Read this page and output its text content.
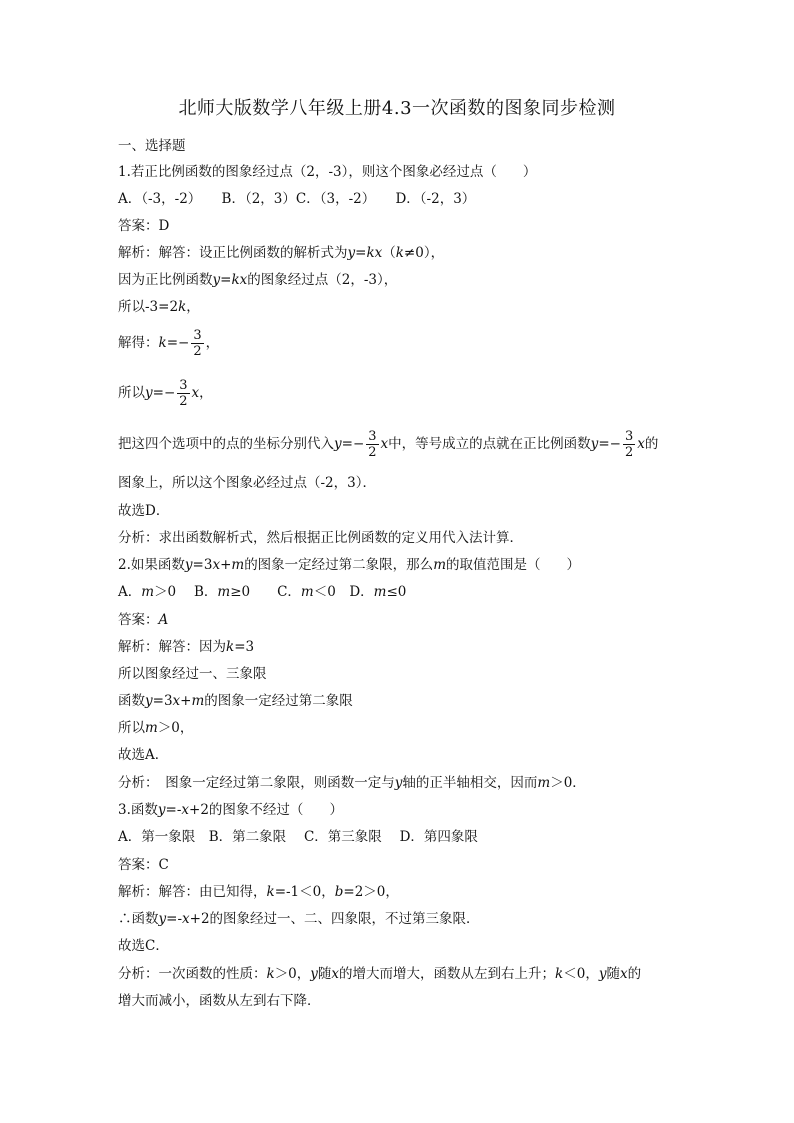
北师大版数学八年级上册4.3一次函数的图象同步检测
一、选择题
1.若正比例函数的图象经过点（2，-3），则这个图象必经过点（ ）
A．（-3，-2）　　B．（2，3）C．（3，-2）　　D．（-2，3）
答案：D
解析：解答：设正比例函数的解析式为y=kx（k≠0），
因为正比例函数y=kx的图象经过点（2，-3），
所以-3=2k，
解得：$k=- \frac{3}{2}$ ，
所以$y=- \frac{3}{2}$ x，
把这四个选项中的点的坐标分别代入$y=- \frac{3}{2}$ x中，等号成立的点就在正比例函数$y=- \frac{3}{2}$ x的
图象上，所以这个图象必经过点（-2，3）．
故选D．
分析：求出函数解析式，然后根据正比例函数的定义用代入法计算．
2.如果函数y=3x+m的图象一定经过第二象限，那么m的取值范围是（ ）
A．m＞0　 B．m≥0　　C．m＜0　D．m≤0
答案：A
解析：解答：因为k=3
所以图象经过一、三象限
函数y=3x+m的图象一定经过第二象限
所以m＞0，
故选A．
分析：　图象一定经过第二象限，则函数一定与y轴的正半轴相交，因而m＞0．
3.函数y=-x+2的图象不经过（ ）
A．第一象限　B．第二象限　 C．第三象限　 D．第四象限
答案：C
解析：解答：由已知得，k=-1＜0，b=2＞0，
∴函数y=-x+2的图象经过一、二、四象限，不过第三象限．
故选C．
分析：一次函数的性质：k＞0，y随x的增大而增大，函数从左到右上升；k＜0，y随x的
增大而减小，函数从左到右下降．
